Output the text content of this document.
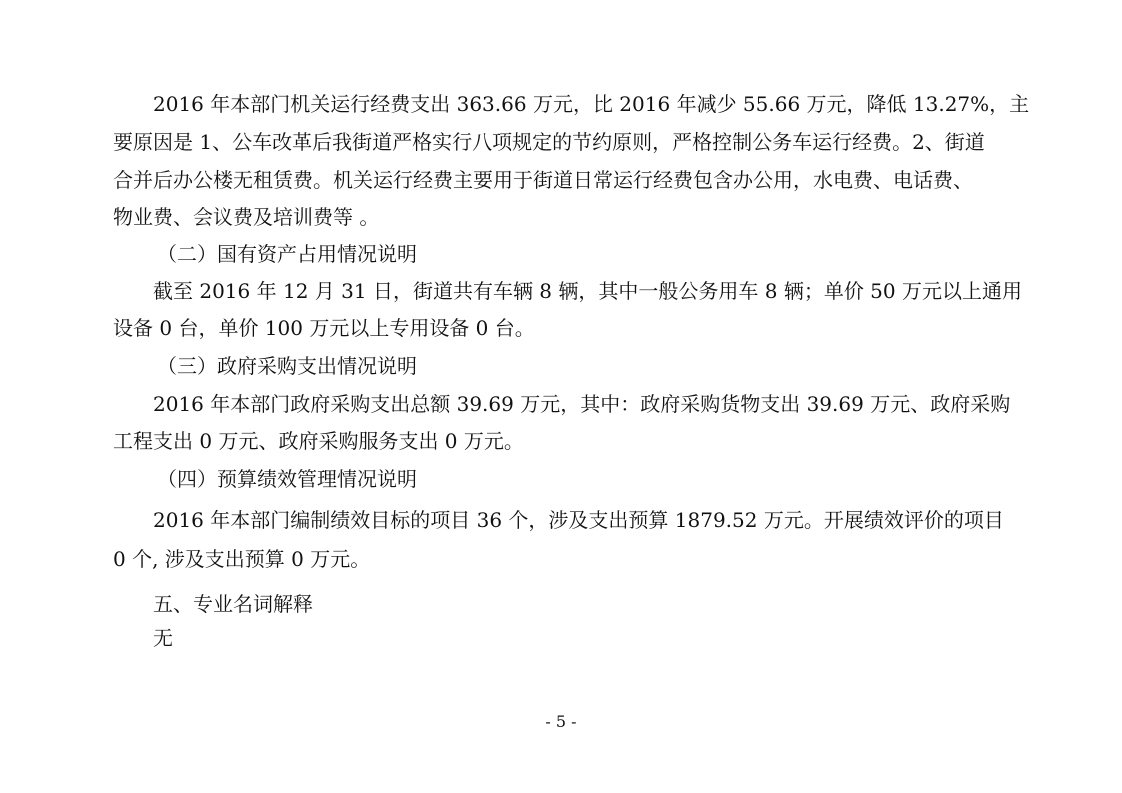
2016 年本部门机关运行经费支出 363.66 万元，比 2016 年减少 55.66 万元，降低 13.27%，主
要原因是 1、公车改革后我街道严格实行八项规定的节约原则，严格控制公务车运行经费。2、街道
合并后办公楼无租赁费。机关运行经费主要用于街道日常运行经费包含办公用，水电费、电话费、
物业费、会议费及培训费等 。
（二）国有资产占用情况说明
截至 2016 年 12 月 31 日，街道共有车辆 8 辆，其中一般公务用车 8 辆；单价 50 万元以上通用
设备 0 台，单价 100 万元以上专用设备 0 台。
（三）政府采购支出情况说明
2016 年本部门政府采购支出总额 39.69 万元，其中：政府采购货物支出 39.69 万元、政府采购
工程支出 0 万元、政府采购服务支出 0 万元。
（四）预算绩效管理情况说明
2016 年本部门编制绩效目标的项目 36 个，涉及支出预算 1879.52 万元。开展绩效评价的项目
0 个, 涉及支出预算 0 万元。
五、专业名词解释
无
- 5 -
